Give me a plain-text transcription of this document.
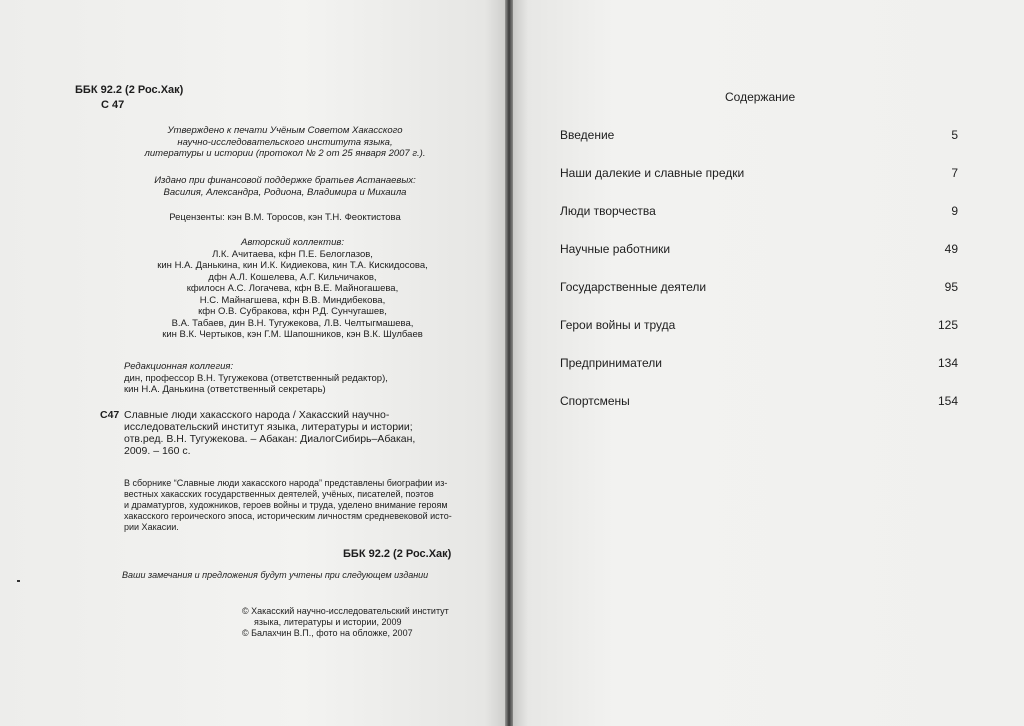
ББК 92.2 (2 Рос.Хак)
С 47
Утверждено к печати Учёным Советом Хакасского
научно-исследовательского института языка,
литературы и истории (протокол № 2 от 25 января 2007 г.).
Издано при финансовой поддержке братьев Астанаевых:
Василия, Александра, Родиона, Владимира и Михаила
Рецензенты: кэн В.М. Торосов, кэн Т.Н. Феоктистова
Авторский коллектив:
Л.К. Ачитаева, кфн П.Е. Белоглазов,
кин Н.А. Данькина, кин И.К. Кидиекова, кин Т.А. Кискидосова,
дфн А.Л. Кошелева, А.Г. Кильчичаков,
кфилосн А.С. Логачева, кфн В.Е. Майногашева,
Н.С. Майнагшева, кфн В.В. Миндибекова,
кфн О.В. Субракова, кфн Р.Д. Сунчугашев,
В.А. Табаев, дин В.Н. Тугужекова, Л.В. Челтыгмашева,
кин В.К. Чертыков, кэн Г.М. Шапошников, кэн В.К. Шулбаев
Редакционная коллегия:
дин, профессор В.Н. Тугужекова (ответственный редактор),
кин Н.А. Данькина (ответственный секретарь)
С47 Славные люди хакасского народа / Хакасский научно-
исследовательский институт языка, литературы и истории;
отв.ред. В.Н. Тугужекова. – Абакан: ДиалогСибирь–Абакан,
2009. – 160 с.
В сборнике “Славные люди хакасского народа” представлены биографии из-
вестных хакасских государственных деятелей, учёных, писателей, поэтов
и драматургов, художников, героев войны и труда, уделено внимание героям
хакасского героического эпоса, историческим личностям средневековой исто-
рии Хакасии.
ББК 92.2 (2 Рос.Хак)
Ваши замечания и предложения будут учтены при следующем издании
© Хакасский научно-исследовательский институт
языка, литературы и истории, 2009
© Балахчин В.П., фото на обложке, 2007
Содержание
Введение	5
Наши далекие и славные предки	7
Люди творчества	9
Научные работники	49
Государственные деятели	95
Герои войны и труда	125
Предприниматели	134
Спортсмены	154
